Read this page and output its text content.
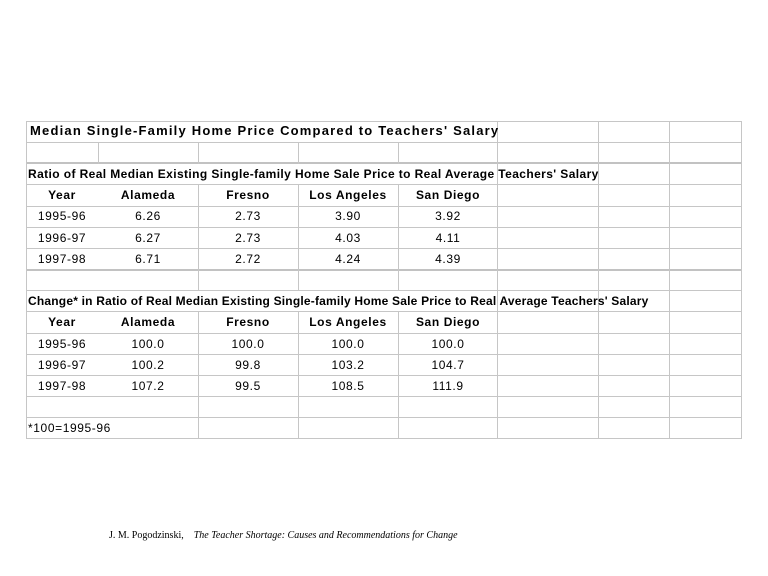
Median Single-Family Home Price Compared to Teachers' Salary
Ratio of Real Median Existing Single-family Home Sale Price to Real Average Teachers' Salary
Year	Alameda	Fresno	Los Angeles	San Diego
1995-96	6.26	2.73	3.90	3.92
1996-97	6.27	2.73	4.03	4.11
1997-98	6.71	2.72	4.24	4.39
Change* in Ratio of Real Median Existing Single-family Home Sale Price to Real Average Teachers' Salary
Year	Alameda	Fresno	Los Angeles	San Diego
1995-96	100.0	100.0	100.0	100.0
1996-97	100.2	99.8	103.2	104.7
1997-98	107.2	99.5	108.5	111.9
*100=1995-96
J. M. Pogodzinski, The Teacher Shortage: Causes and Recommendations for Change
